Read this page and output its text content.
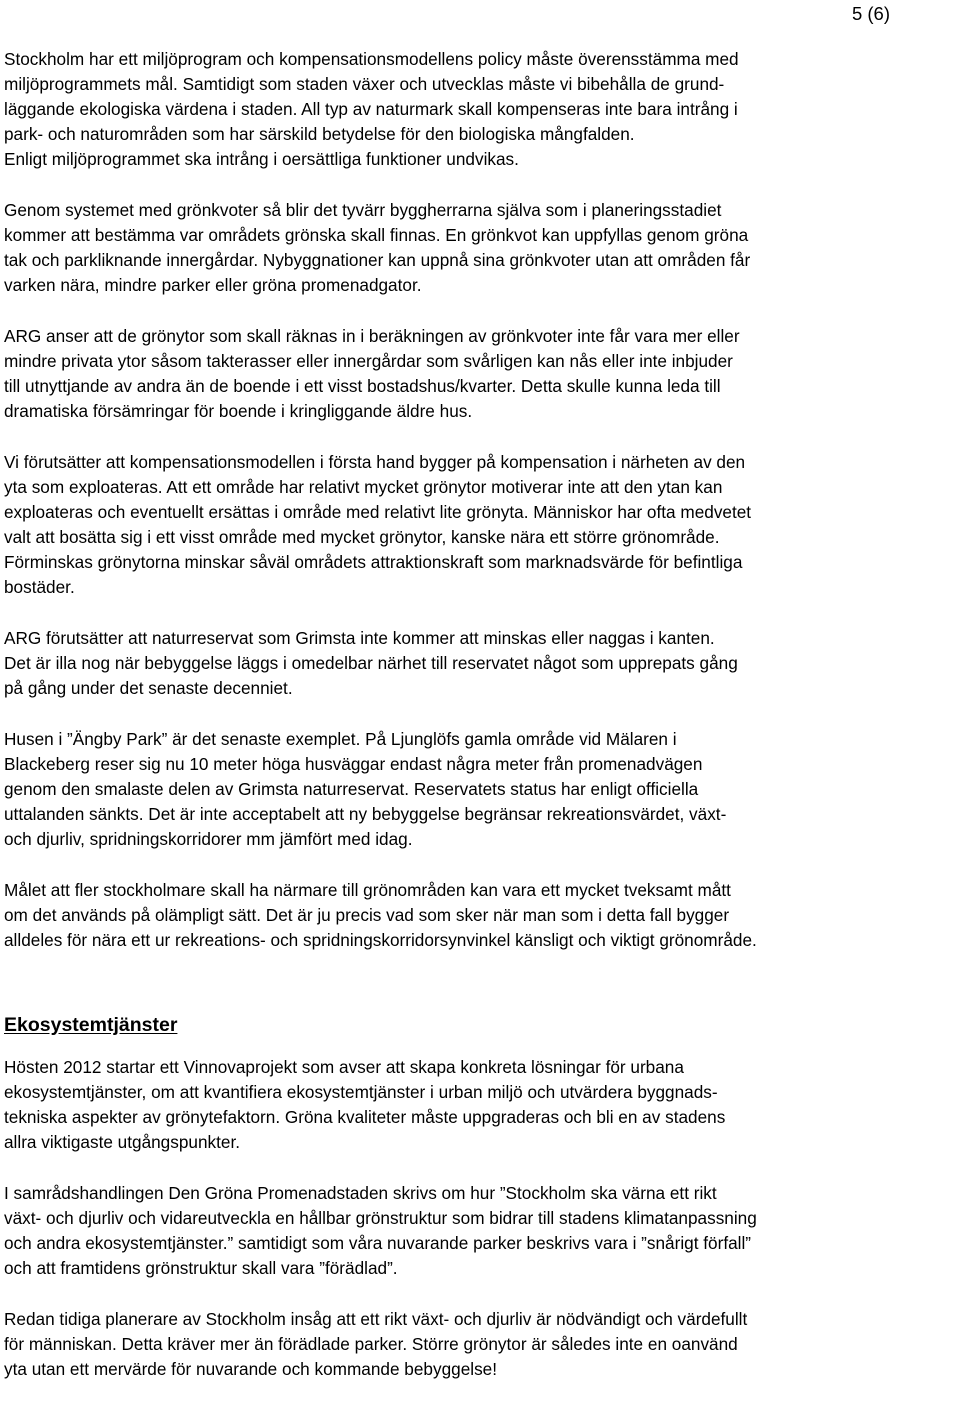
5 (6)

Stockholm har ett miljöprogram och kompensationsmodellens policy måste överensstämma med
miljöprogrammets mål. Samtidigt som staden växer och utvecklas måste vi bibehålla de grund-
läggande ekologiska värdena i staden. All typ av naturmark skall kompenseras inte bara intrång i
park- och naturområden som har särskild betydelse för den biologiska mångfalden.
Enligt miljöprogrammet ska intrång i oersättliga funktioner undvikas.

Genom systemet med grönkvoter så blir det tyvärr byggherrarna själva som i planeringsstadiet
kommer att bestämma var områdets grönska skall finnas. En grönkvot kan uppfyllas genom gröna
tak och parkliknande innergårdar. Nybyggnationer kan uppnå sina grönkvoter utan att områden får
varken nära, mindre parker eller gröna promenadgator.

ARG anser att de grönytor som skall räknas in i beräkningen av grönkvoter inte får vara mer eller
mindre privata ytor såsom takterasser eller innergårdar som svårligen kan nås eller inte inbjuder
till utnyttjande av andra än de boende i ett visst bostadshus/kvarter. Detta skulle kunna leda till
dramatiska försämringar för boende i kringliggande äldre hus.

Vi förutsätter att kompensationsmodellen i första hand bygger på kompensation i närheten av den
yta som exploateras. Att ett område har relativt mycket grönytor motiverar inte att den ytan kan
exploateras och eventuellt ersättas i område med relativt lite grönyta. Människor har ofta medvetet
valt att bosätta sig i ett visst område med mycket grönytor, kanske nära ett större grönområde.
Förminskas grönytorna minskar såväl områdets attraktionskraft som marknadsvärde för befintliga
bostäder.

ARG förutsätter att naturreservat som Grimsta inte kommer att minskas eller naggas i kanten.
Det är illa nog när bebyggelse läggs i omedelbar närhet till reservatet något som upprepats gång
på gång under det senaste decenniet.

Husen i ”Ängby Park” är det senaste exemplet. På Ljunglöfs gamla område vid Mälaren i
Blackeberg reser sig nu 10 meter höga husväggar endast några meter från promenadvägen
genom den smalaste delen av Grimsta naturreservat. Reservatets status har enligt officiella
uttalanden sänkts. Det är inte acceptabelt att ny bebyggelse begränsar rekreationsvärdet, växt-
och djurliv, spridningskorridorer mm jämfört med idag.

Målet att fler stockholmare skall ha närmare till grönområden kan vara ett mycket tveksamt mått
om det används på olämpligt sätt. Det är ju precis vad som sker när man som i detta fall bygger
alldeles för nära ett ur rekreations- och spridningskorridorsynvinkel känsligt och viktigt grönområde.

Ekosystemtjänster

Hösten 2012 startar ett Vinnovaprojekt som avser att skapa konkreta lösningar för urbana
ekosystemtjänster, om att kvantifiera ekosystemtjänster i urban miljö och utvärdera byggnads-
tekniska aspekter av grönytefaktorn. Gröna kvaliteter måste uppgraderas och bli en av stadens
allra viktigaste utgångspunkter.

I samrådshandlingen Den Gröna Promenadstaden skrivs om hur ”Stockholm ska värna ett rikt
växt- och djurliv och vidareutveckla en hållbar grönstruktur som bidrar till stadens klimatanpassning
och andra ekosystemtjänster.” samtidigt som våra nuvarande parker beskrivs vara i ”snårigt förfall”
och att framtidens grönstruktur skall vara ”förädlad”.

Redan tidiga planerare av Stockholm insåg att ett rikt växt- och djurliv är nödvändigt och värdefullt
för människan. Detta kräver mer än förädlade parker. Större grönytor är således inte en oanvänd
yta utan ett mervärde för nuvarande och kommande bebyggelse!
